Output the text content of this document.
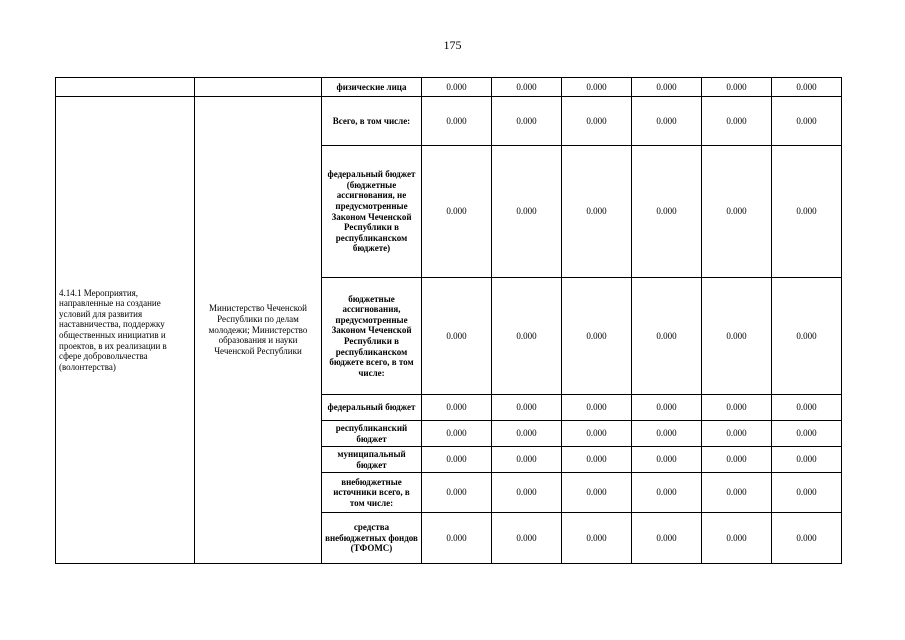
175
		физические лица	0.000	0.000	0.000	0.000	0.000	0.000
4.14.1 Мероприятия, направленные на создание условий для развития наставничества, поддержку общественных инициатив и проектов, в их реализации в сфере добровольчества (волонтерства)	Министерство Чеченской Республики по делам молодежи; Министерство образования и науки Чеченской Республики	Всего, в том числе:	0.000	0.000	0.000	0.000	0.000	0.000
		федеральный бюджет (бюджетные ассигнования, не предусмотренные Законом Чеченской Республики в республиканском бюджете)	0.000	0.000	0.000	0.000	0.000	0.000
		бюджетные ассигнования, предусмотренные Законом Чеченской Республики в республиканском бюджете всего, в том числе:	0.000	0.000	0.000	0.000	0.000	0.000
		федеральный бюджет	0.000	0.000	0.000	0.000	0.000	0.000
		республиканский бюджет	0.000	0.000	0.000	0.000	0.000	0.000
		муниципальный бюджет	0.000	0.000	0.000	0.000	0.000	0.000
		внебюджетные источники всего, в том числе:	0.000	0.000	0.000	0.000	0.000	0.000
		средства внебюджетных фондов (ТФОМС)	0.000	0.000	0.000	0.000	0.000	0.000
